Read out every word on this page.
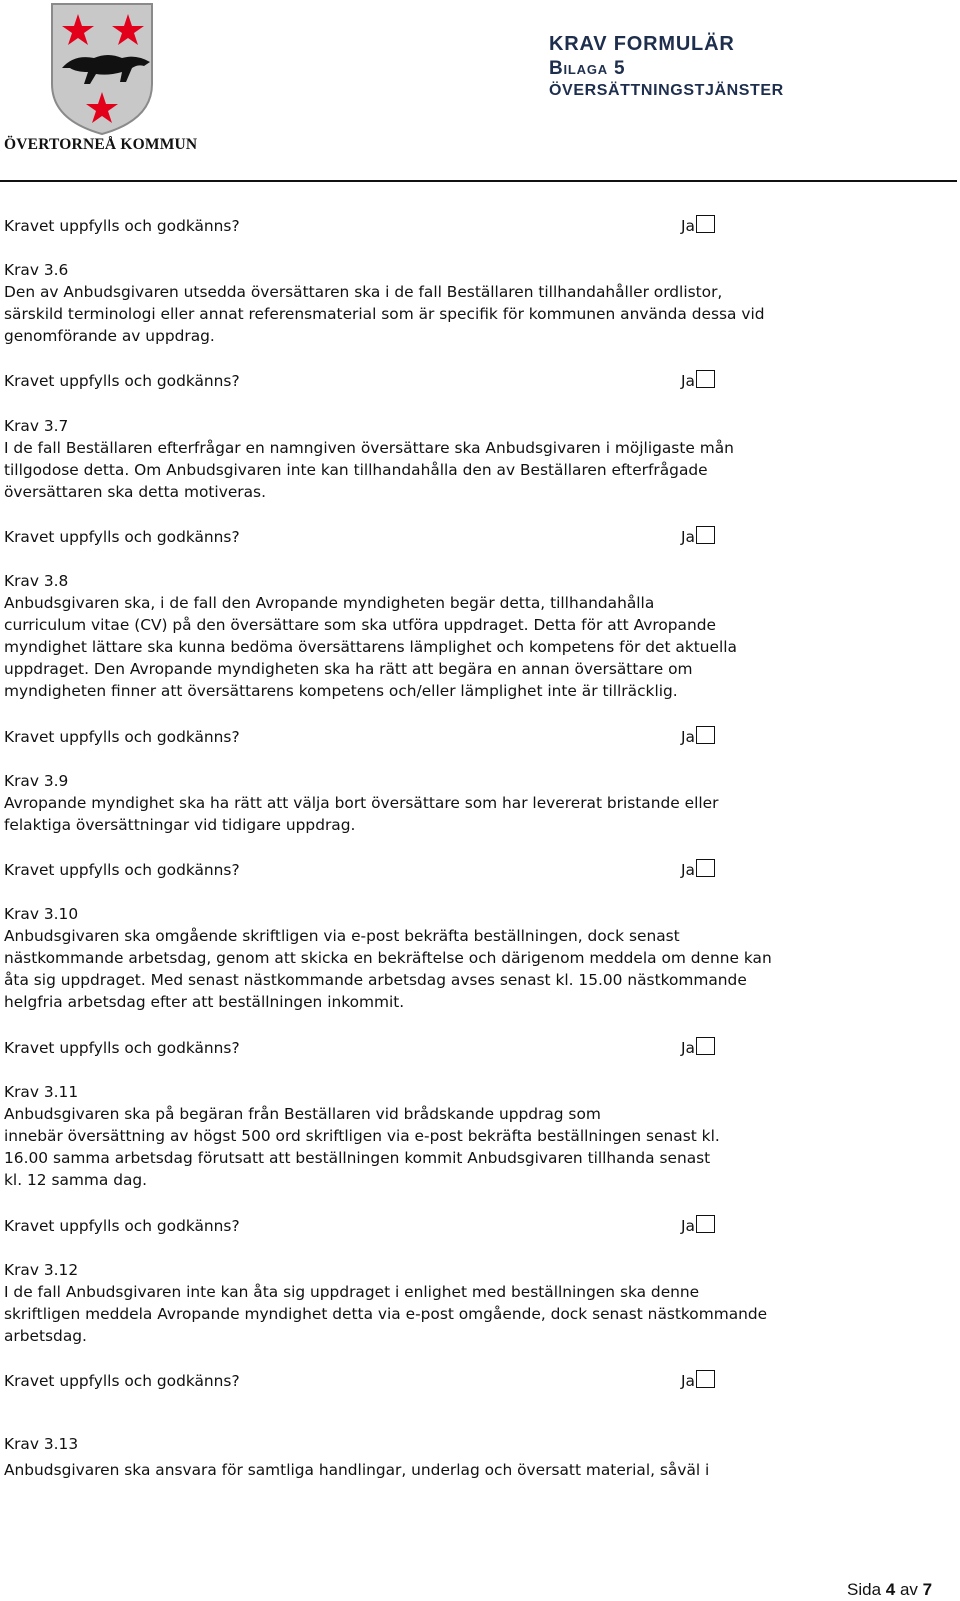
ÖVERTORNEÅ KOMMUN
KRAV FORMULÄR
Bilaga 5
ÖVERSÄTTNINGSTJÄNSTER
Kravet uppfylls och godkänns?	Ja
Krav 3.6
Den av Anbudsgivaren utsedda översättaren ska i de fall Beställaren tillhandahåller ordlistor,
särskild terminologi eller annat referensmaterial som är specifik för kommunen använda dessa vid
genomförande av uppdrag.
Kravet uppfylls och godkänns?	Ja
Krav 3.7
I de fall Beställaren efterfrågar en namngiven översättare ska Anbudsgivaren i möjligaste mån
tillgodose detta. Om Anbudsgivaren inte kan tillhandahålla den av Beställaren efterfrågade
översättaren ska detta motiveras.
Kravet uppfylls och godkänns?	Ja
Krav 3.8
Anbudsgivaren ska, i de fall den Avropande myndigheten begär detta, tillhandahålla
curriculum vitae (CV) på den översättare som ska utföra uppdraget. Detta för att Avropande
myndighet lättare ska kunna bedöma översättarens lämplighet och kompetens för det aktuella
uppdraget. Den Avropande myndigheten ska ha rätt att begära en annan översättare om
myndigheten finner att översättarens kompetens och/eller lämplighet inte är tillräcklig.
Kravet uppfylls och godkänns?	Ja
Krav 3.9
Avropande myndighet ska ha rätt att välja bort översättare som har levererat bristande eller
felaktiga översättningar vid tidigare uppdrag.
Kravet uppfylls och godkänns?	Ja
Krav 3.10
Anbudsgivaren ska omgående skriftligen via e-post bekräfta beställningen, dock senast
nästkommande arbetsdag, genom att skicka en bekräftelse och därigenom meddela om denne kan
åta sig uppdraget. Med senast nästkommande arbetsdag avses senast kl. 15.00 nästkommande
helgfria arbetsdag efter att beställningen inkommit.
Kravet uppfylls och godkänns?	Ja
Krav 3.11
Anbudsgivaren ska på begäran från Beställaren vid brådskande uppdrag som
innebär översättning av högst 500 ord skriftligen via e-post bekräfta beställningen senast kl.
16.00 samma arbetsdag förutsatt att beställningen kommit Anbudsgivaren tillhanda senast
kl. 12 samma dag.
Kravet uppfylls och godkänns?	Ja
Krav 3.12
I de fall Anbudsgivaren inte kan åta sig uppdraget i enlighet med beställningen ska denne
skriftligen meddela Avropande myndighet detta via e-post omgående, dock senast nästkommande
arbetsdag.
Kravet uppfylls och godkänns?	Ja
Krav 3.13
Anbudsgivaren ska ansvara för samtliga handlingar, underlag och översatt material, såväl i
Sida 4 av 7
